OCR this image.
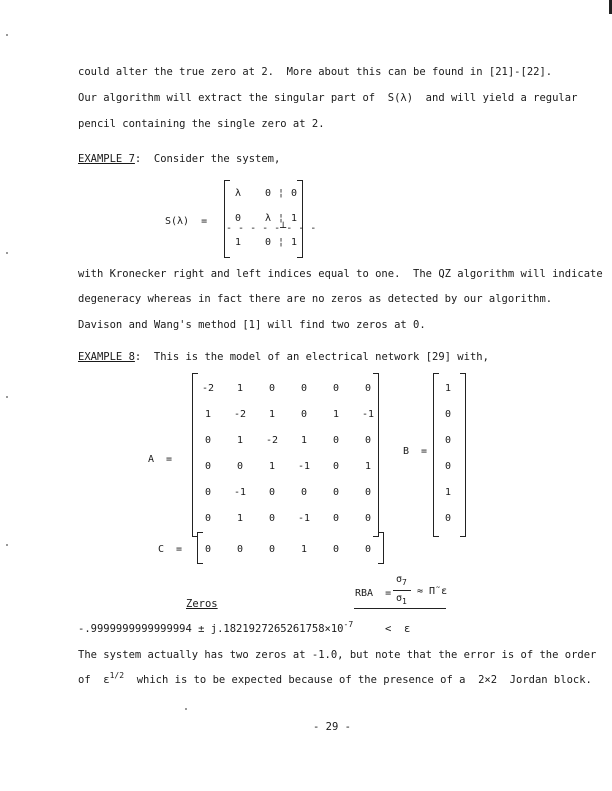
could alter the true zero at 2.  More about this can be found in [21]-[22].
Our algorithm will extract the singular part of  S(λ)  and will yield a regular
pencil containing the single zero at 2.
EXAMPLE 7:  Consider the system,
S(λ)  =
λ	0 ¦ 0
0	λ ¦ 1
- - - - -┴- - -
1	0 ¦ 1
with Kronecker right and left indices equal to one.  The QZ algorithm will indicate
degeneracy whereas in fact there are no zeros as detected by our algorithm.
Davison and Wang's method [1] will find two zeros at 0.
EXAMPLE 8:  This is the model of an electrical network [29] with,
A  =
-2	1	0	0	0	0
1	-2	1	0	1	-1
0	1	-2	1	0	0
0	0	1	-1	0	1
0	-1	0	0	0	0
0	1	0	-1	0	0
B  =
1
0
0
0
1
0
C  =	0	0	0	1	0	0
RBA  =
$\sigma_7$
$\sigma_1$
≈ Π̃ ε
Zeros
$-.9999999999999994 \pm j.1821927265261758\times 10^{-7}$	<  ε
The system actually has two zeros at -1.0, but note that the error is of the order
of  $\varepsilon^{1/2}$  which is to be expected because of the presence of a  2×2  Jordan block.
- 29 -
